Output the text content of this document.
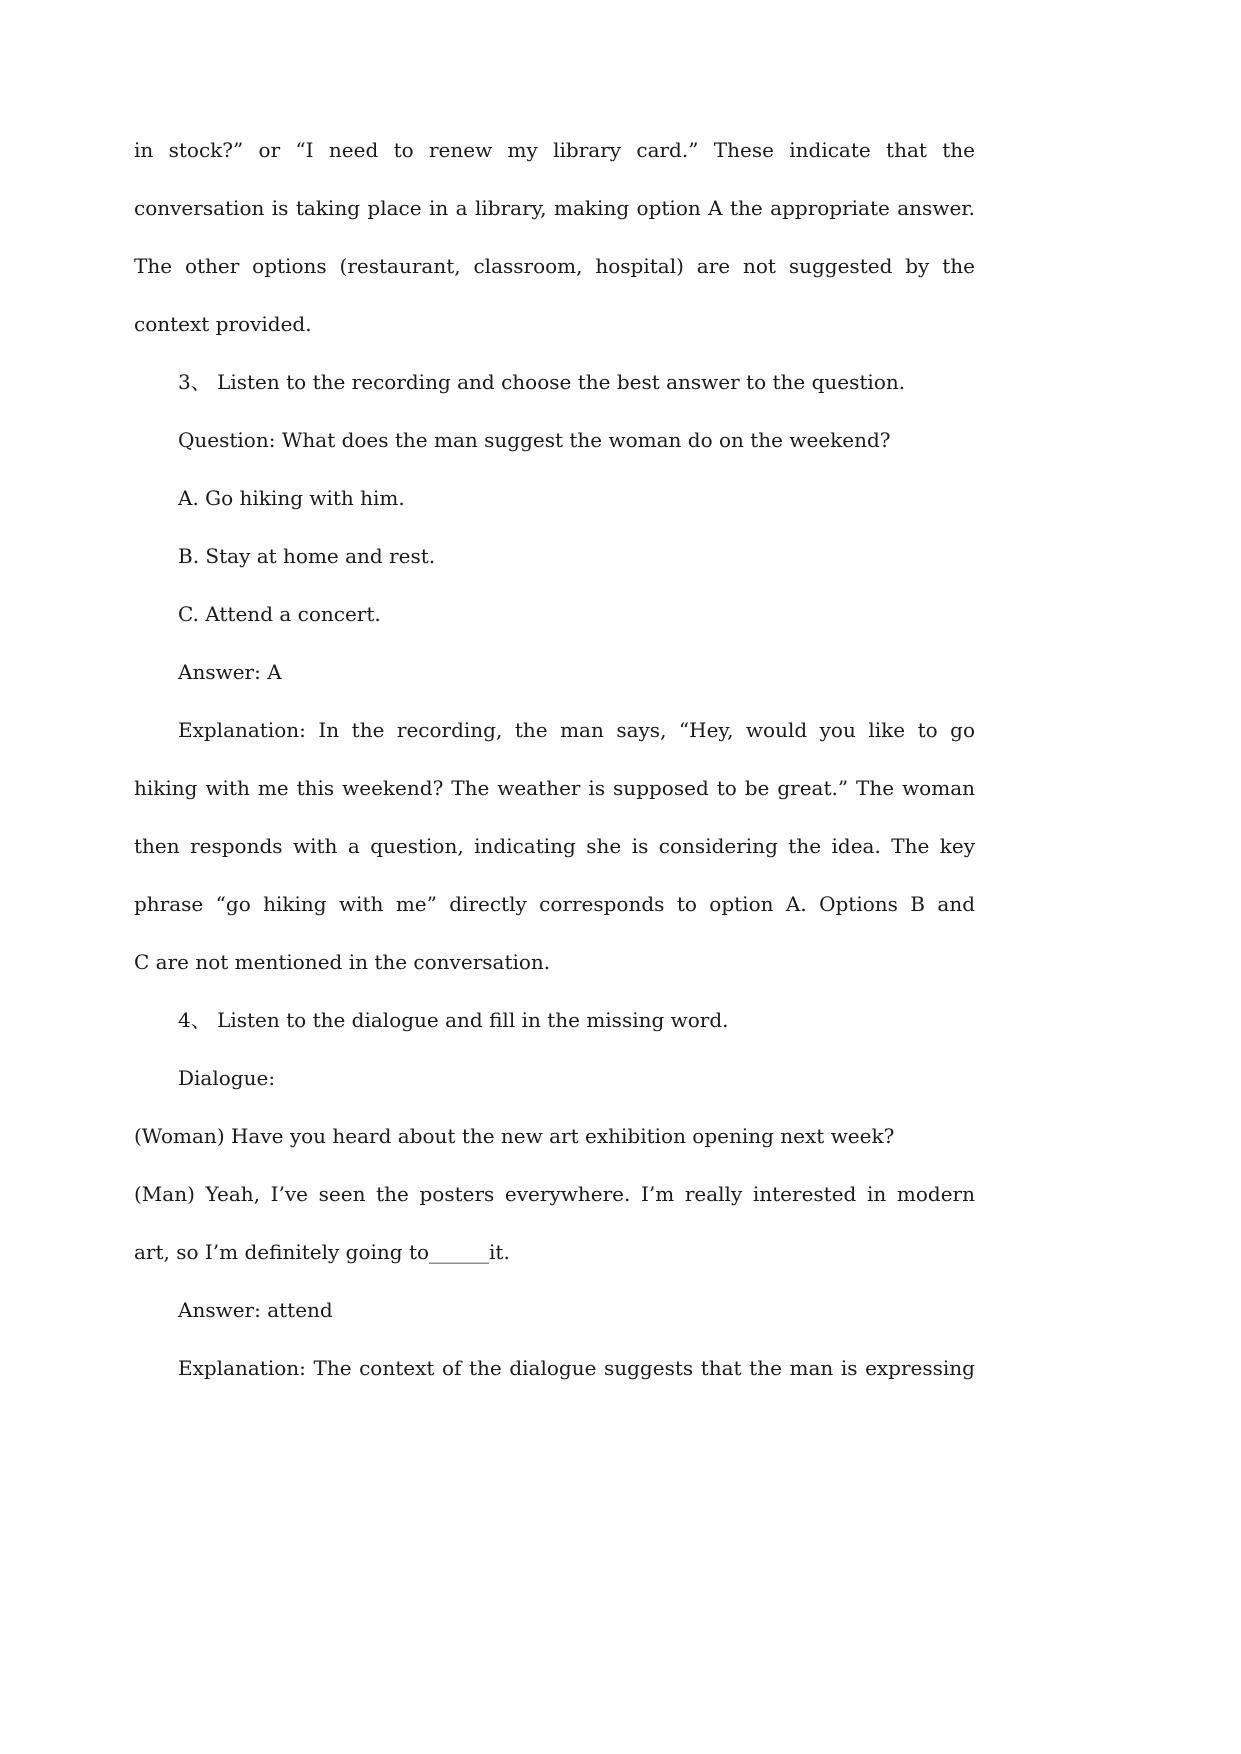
in stock?” or “I need to renew my library card.” These indicate that the
conversation is taking place in a library, making option A the appropriate answer.
The other options (restaurant, classroom, hospital) are not suggested by the
context provided.
3、 Listen to the recording and choose the best answer to the question.
Question: What does the man suggest the woman do on the weekend?
A. Go hiking with him.
B. Stay at home and rest.
C. Attend a concert.
Answer: A
Explanation: In the recording, the man says, “Hey, would you like to go
hiking with me this weekend? The weather is supposed to be great.” The woman
then responds with a question, indicating she is considering the idea. The key
phrase “go hiking with me” directly corresponds to option A. Options B and
C are not mentioned in the conversation.
4、 Listen to the dialogue and fill in the missing word.
Dialogue:
(Woman) Have you heard about the new art exhibition opening next week?
(Man) Yeah, I’ve seen the posters everywhere. I’m really interested in modern
art, so I’m definitely going to______it.
Answer: attend
Explanation: The context of the dialogue suggests that the man is expressing
